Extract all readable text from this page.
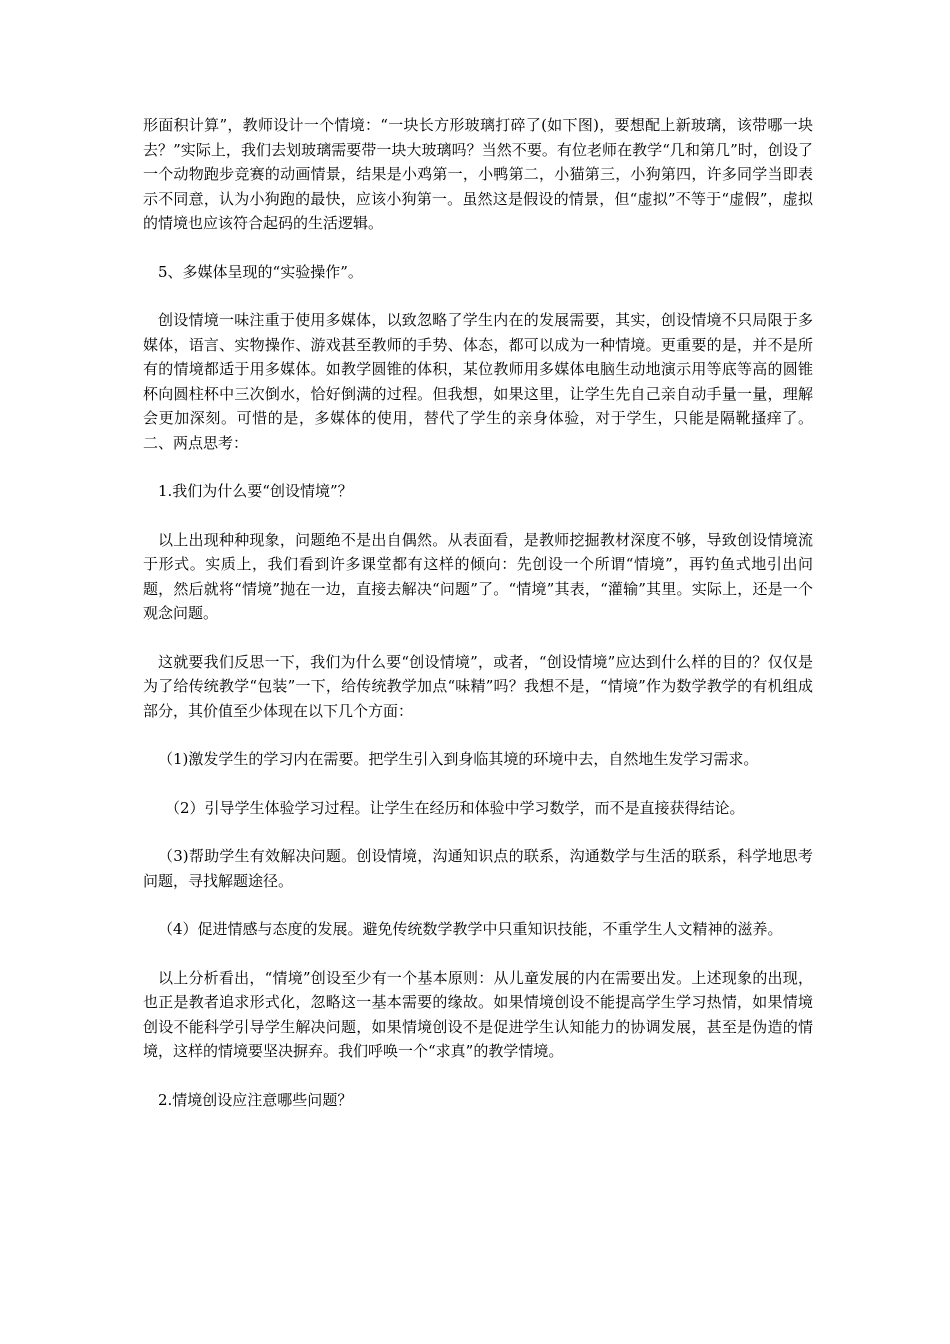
形面积计算”，教师设计一个情境：“一块长方形玻璃打碎了(如下图)，要想配上新玻璃，该带哪一块去？”实际上，我们去划玻璃需要带一块大玻璃吗？当然不要。有位老师在教学“几和第几”时，创设了一个动物跑步竞赛的动画情景，结果是小鸡第一，小鸭第二，小猫第三，小狗第四，许多同学当即表示不同意，认为小狗跑的最快，应该小狗第一。虽然这是假设的情景，但“虚拟”不等于“虚假”，虚拟的情境也应该符合起码的生活逻辑。

5、多媒体呈现的“实验操作”。

创设情境一味注重于使用多媒体，以致忽略了学生内在的发展需要，其实，创设情境不只局限于多媒体，语言、实物操作、游戏甚至教师的手势、体态，都可以成为一种情境。更重要的是，并不是所有的情境都适于用多媒体。如教学圆锥的体积，某位教师用多媒体电脑生动地演示用等底等高的圆锥杯向圆柱杯中三次倒水，恰好倒满的过程。但我想，如果这里，让学生先自己亲自动手量一量，理解会更加深刻。可惜的是，多媒体的使用，替代了学生的亲身体验，对于学生，只能是隔靴搔痒了。二、两点思考：

1.我们为什么要“创设情境”？

以上出现种种现象，问题绝不是出自偶然。从表面看，是教师挖掘教材深度不够，导致创设情境流于形式。实质上，我们看到许多课堂都有这样的倾向：先创设一个所谓“情境”，再钓鱼式地引出问题，然后就将“情境”抛在一边，直接去解决“问题”了。“情境”其表，“灌输”其里。实际上，还是一个观念问题。

这就要我们反思一下，我们为什么要“创设情境”，或者，“创设情境”应达到什么样的目的？仅仅是为了给传统教学“包装”一下，给传统教学加点“味精”吗？我想不是，“情境”作为数学教学的有机组成部分，其价值至少体现在以下几个方面：

（1)激发学生的学习内在需要。把学生引入到身临其境的环境中去，自然地生发学习需求。

（2）引导学生体验学习过程。让学生在经历和体验中学习数学，而不是直接获得结论。

（3)帮助学生有效解决问题。创设情境，沟通知识点的联系，沟通数学与生活的联系，科学地思考问题，寻找解题途径。

（4）促进情感与态度的发展。避免传统数学教学中只重知识技能，不重学生人文精神的滋养。

以上分析看出，“情境”创设至少有一个基本原则：从儿童发展的内在需要出发。上述现象的出现，也正是教者追求形式化，忽略这一基本需要的缘故。如果情境创设不能提高学生学习热情，如果情境创设不能科学引导学生解决问题，如果情境创设不是促进学生认知能力的协调发展，甚至是伪造的情境，这样的情境要坚决摒弃。我们呼唤一个“求真”的教学情境。

2.情境创设应注意哪些问题？
